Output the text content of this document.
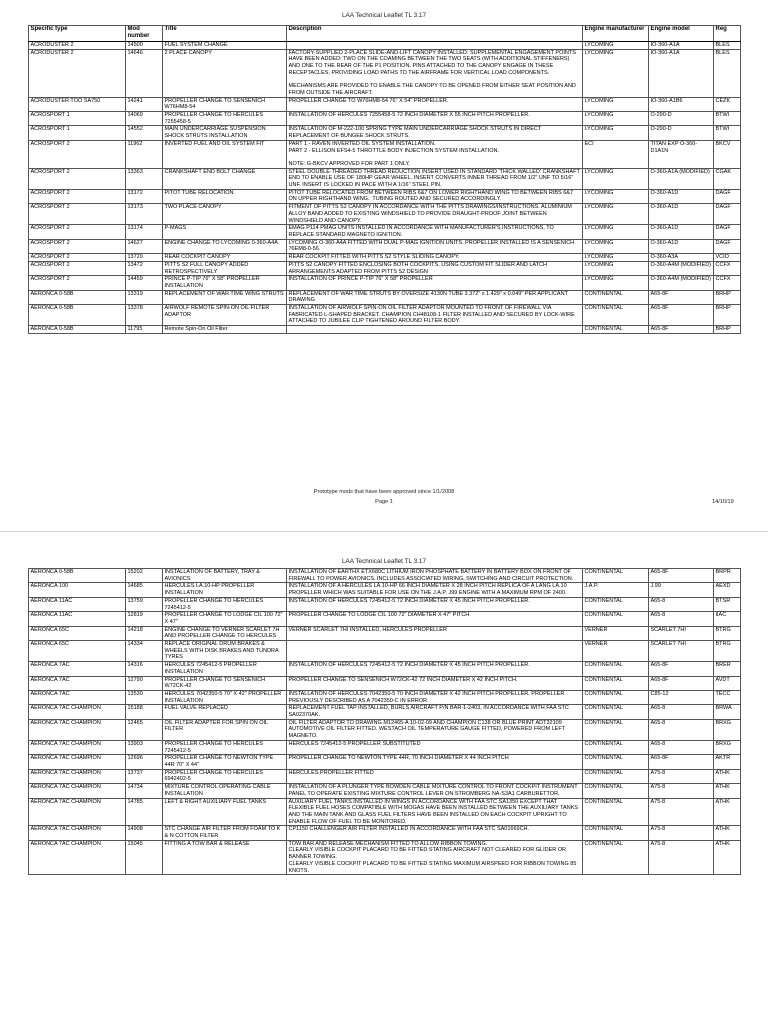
LAA Technical Leaflet TL 3.17
Specific type	Mod number	Title	Description	Engine manufacturer	Engine model	Reg
ACRODUSTER 2	14500	FUEL SYSTEM CHANGE		LYCOMING	IO-360-A1A	BLES
ACRODUSTER 2	14646	2 PLACE CANOPY	FACTORY-SUPPLIED 2-PLACE SLIDE-AND-LIFT CANOPY INSTALLED: SUPPLEMENTAL ENGAGEMENT POINTS HAVE BEEN ADDED: TWO ON THE COAMING BETWEEN THE TWO SEATS (WITH ADDITIONAL STIFFENERS) AND ONE TO THE REAR OF THE P1 POSITION. PINS ATTACHED TO THE CANOPY ENGAGE IN THESE RECEPTACLES, PROVIDING LOAD PATHS TO THE AIRFRAME FOR VERTICAL LOAD COMPONENTS.

MECHANISMS ARE PROVIDED TO ENABLE THE CANOPY TO BE OPENED FROM EITHER SEAT POSITION AND FROM OUTSIDE THE AIRCRAFT.	LYCOMING	IO-360-A1A	BLES
ACRODUSTER TOO SA750	14241	PROPELLER CHANGE TO SENSENICH W76HM8-54	PROPELLER CHANGE TO W76HM8-54 76" X 54" PROPELLER.	LYCOMING	IO-360-A1B6	CEZK
ACROSPORT 1	14069	PROPELLER CHANGE TO HERCULES 7255458-5	INSTALLATION OF HERCULES 7255458-5 72 INCH DIAMETER X 55 INCH PITCH PROPELLER.	LYCOMING	O-290-D	BTWI
ACROSPORT 1	14552	MAIN UNDERCARRIAGE SUSPENSION SHOCK STRUTS INSTALLATION	INSTALLATION OF M-222-100 SPRING TYPE MAIN UNDERCARRIAGE SHOCK STRUTS IN DIRECT REPLACEMENT OF BUNGEE SHOCK STRUTS.	LYCOMING	O-290-D	BTWI
ACROSPORT 2	11962	INVERTED FUEL AND OIL SYSTEM FIT	PART 1 - RAVEN INVERTED OIL SYSTEM INSTALLATION.
PART 2 - ELLISON EFS4-5 THROTTLE BODY INJECTION SYSTEM INSTALLATION.

NOTE: G-BKCV APPROVED FOR PART 1 ONLY.	ECI	TITAN EXP O-360-D1A1N	BKCV
ACROSPORT 2	13363	CRANKSHAFT END BOLT CHANGE	STEEL DOUBLE-THREADED THREAD REDUCTION INSERT USED IN STANDARD 'THICK WALLED' CRANKSHAFT END TO ENABLE USE OF 180HP GEAR WHEEL. INSERT CONVERTS INNER THREAD FROM 1/2" UNF TO 5/16" UNF. INSERT IS LOCKED IN PACE WITH A 1/16" STEEL PIN.	LYCOMING	O-360-A1A (MODIFIED)	CGAK
ACROSPORT 2	13172	PITOT TUBE RELOCATION	PITOT TUBE RELOCATED FROM BETWEEN RIBS 6&7 ON LOWER RIGHTHAND WING TO BETWEEN RIBS 6&7 ON UPPER RIGHTHAND WING.  TUBING ROUTED AND SECURED ACCORDINGLY.	LYCOMING	O-360-A1D	DAGF
ACROSPORT 2	13173	TWO PLACE CANOPY	FITMENT OF PITTS S2 CANOPY IN ACCORDANCE WITH THE PITTS DRAWINGS/INSTRUCTIONS. ALUMINIUM ALLOY BAND ADDED TO EXISTING WINDSHIELD TO PROVIDE DRAUGHT-PROOF JOINT BETWEEN WINDSHIELD AND CANOPY.	LYCOMING	O-360-A1D	DAGF
ACROSPORT 2	13174	P-MAGS	EMAG P114 PMAG UNITS INSTALLED IN ACCORDANCE WITH MANUFACTURER'S INSTRUCTIONS, TO REPLACE STANDARD MAGNETO IGNITION.	LYCOMING	O-360-A1D	DAGF
ACROSPORT 2	14627	ENGINE CHANGE TO LYCOMING 0-360-A4A	LYCOMING O-360-A4A FITTED WITH DUAL P-MAG IGNITION UNITS. PROPELLER INSTALLED IS A SENSENICH 76EM8-0-56.	LYCOMING	O-360-A1D	DAGF
ACROSPORT 2	13720	REAR COCKPIT CANOPY	REAR COCKPIT FITTED WITH PITTS S2 STYLE SLIDING CANOPY.	LYCOMING	O-360-A3A	VCIO
ACROSPORT 2	13472	PITTS S2 FULL CANOPY ADDED RETROSPECTIVELY	PITTS S2 CANOPY FITTED ENCLOSING BOTH COCKPITS, USING CUSTOM FIT SLIDER AND LATCH ARRANGEMENTS ADAPTED FROM PITTS S2 DESIGN	LYCOMING	O-360-A4M (MODIFIED)	CCFX
ACROSPORT 2	14459	PRINCE P-TIP 76" X 58" PROPELLER INSTALLATION	INSTALLATION OF PRINCE P-TIP 76" X 58" PROPELLER	LYCOMING	O-360-A4M (MODIFIED)	CCFX
AERONCA 0-58B	13319	REPLACEMENT OF WAR TIME WING STRUTS	REPLACEMENT OF WAR TIME STRUTS BY OVERSIZE 4130N TUBE 3.372" x 1.429" x 0.049" PER APPLICANT DRAWING	CONTINENTAL	A65-8F	BRHP
AERONCA 0-58B	13378	AIRWOLF REMOTE SPIN-ON OIL FILTER ADAPTOR	INSTALLATION OF AIRWOLF SPIN-ON OIL FILTER ADAPTOR MOUNTED TO FRONT OF FIREWALL VIA FABRICATED L-SHAPED BRACKET. CHAMPION CH48108-1 FILTER INSTALLED AND SECURED BY LOCK-WIRE ATTACHED TO JUBILEE CLIP TIGHTENED AROUND FILTER BODY.	CONTINENTAL	A65-8F	BRHP
AERONCA 0-58B	11795	Remote Spin-On Oil Filter		CONTINENTAL	A65-8F	BRHP
Prototype mods that have been approved since 1/1/2008
Page 1	14/10/19
LAA Technical Leaflet TL 3.17
AERONCA 0-58B	15202	INSTALLATION OF BATTERY, TRAY & AVIONICS	INSTALLATION OF EARTHX ETX680C LITHIUM IRON PHOSPHATE BATTERY IN BATTERY BOX ON FRONT OF FIREWALL TO POWER AVIONICS. INCLUDES ASSOCIATED WIRING, SWITCHING AND CIRCUIT PROTECTION.	CONTINENTAL	A65-8F	BRPR
AERONCA 100	14685	HERCULES LA.10-HP PROPELLER INSTALLATION	INSTALLATION OF A HERCULES LA.10-HP 66 INCH DIAMETER X 28 INCH PITCH REPLICA OF A LANG LA.10 PROPELLER WHICH WAS SUITABLE FOR USE ON THE J.A.P. J99 ENGINE WITH A MAXIMUM RPM OF 2400.	J.A.P.	J.99	AEXD
AERONCA 11AC	13759	PROPELLER CHANGE TO HERCULES 7245412-5	INSTALLATION OF HERCULES 7245412-5 72 INCH DIAMETER X 45 INCH PITCH PROPELLER.	CONTINENTAL	A65-8	BTSR
AERONCA 11AC	12819	PROPELLER CHANGE TO LODGE CIL 100 72" X 47"	PROPELLER CHANGE TO LODGE CIL 100 72" DIAMETER X 47" PITCH.	CONTINENTAL	A65-8	IIAC
AERONCA 65C	14218	ENGINE CHANGE TO VERNER SCARLET 7H AND PROPELLER CHANGE TO HERCULES	VERNER SCARLET 7HI INSTALLED, HERCULES PROPELLER	VERNER	SCARLET 7HI	BTRG
AERONCA 65C	14334	REPLACE ORIGINAL DRUM BRAKES & WHEELS WITH DISK BRAKES AND TUNDRA TYRES		VERNER	SCARLET 7HI	BTRG
AERONCA 7AC	14316	HERCULES 7245412-5 PROPELLER INSTALLATION	INSTALLATION OF HERCULES 7245412-5 72 INCH DIAMETER X 45 INCH PITCH PROPELLER.	CONTINENTAL	A65-8F	BRER
AERONCA 7AC	12790	PROPELLER CHANGE TO SENSENICH W72CK-42	PROPELLER CHANGE TO SENSENICH W72CK-42 72 INCH DIAMETER X 42 INCH PITCH.	CONTINENTAL	A65-8F	AVDT
AERONCA 7AC	13530	HERCULES 7042350-5 70" X 42" PROPELLER INSTALLATION	INSTALLATION OF HERCULES 7042350-5 70 INCH DIAMETER X 42 INCH PITCH PROPELLER. PROPELLER PREVIOUSLY DESCRIBED AS A 7042350-C IN ERROR.	CONTINENTAL	C85-12	TECC
AERONCA 7AC CHAMPION	15188	FUEL VALVE REPLACED	REPLACEMENT FUEL TAP INSTALLED, BURLS AIRCRAFT P/N BAR-1-2403, IN ACCORDANCE WITH FAA STC SA02370AK.	CONTINENTAL	A65-8	BRWA
AERONCA 7AC CHAMPION	12465	OIL FILTER ADAPTER FOR SPIN ON OIL FILTER	OIL FILTER ADAPTOR TO DRAWING M12465-A 10-02-09 AND CHAMPION C138 OR BLUE PRINT ADT32109 AUTOMOTIVE OIL FILTER FITTED. WESTACH OIL TEMPERATURE GAUGE FITTED, POWERED FROM LEFT MAGNETO.	CONTINENTAL	A65-8	BRXG
AERONCA 7AC CHAMPION	13903	PROPELLER CHANGE TO HERCULES 7245412-5	HERCULES 7245412-5 PROPELLER SUBSTITUTED	CONTINENTAL	A65-8	BRXG
AERONCA 7AC CHAMPION	12696	PROPELLER CHANGE TO NEWTON TYPE 44R 70" X 44"	PROPELLER CHANGE TO NEWTON TYPE 44R, 70 INCH DIAMETER X 44 INCH PITCH	CONTINENTAL	A65-8F	AKTR
AERONCA 7AC CHAMPION	13737	PROPELLER CHANGE TO HERCULES 6942402-5	HERCULES PROPELLER FITTED	CONTINENTAL	A75-8	ATHK
AERONCA 7AC CHAMPION	14734	MIXTURE CONTROL OPERATING CABLE INSTALLATION	INSTALLATION OF A PLUNGER TYPE BOWDEN CABLE MIXTURE CONTROL TO FRONT COCKPIT INSTRUMENT PANEL TO OPERATE EXISTING MIXTURE CONTROL LEVER ON STROMBERG NA-S3A1 CARBURETTOR.	CONTINENTAL	A75-8	ATHK
AERONCA 7AC CHAMPION	14785	LEFT & RIGHT AUXILIARY FUEL TANKS	AUXILIARY FUEL TANKS INSTALLED IN WINGS IN ACCORDANCE WITH FAA STC SA1350 EXCEPT THAT FLEXIBLE FUEL HOSES COMPATIBLE WITH MOGAS HAVE BEEN INSTALLED BETWEEN THE AUXILIARY TANKS AND THE MAIN TANK AND GLASS FUEL FILTERS HAVE BEEN INSTALLED ON EACH COCKPIT UPRIGHT TO ENABLE FLOW OF FUEL TO BE MONITORED.	CONTINENTAL	A75-8	ATHK
AERONCA 7AC CHAMPION	14908	STC CHANGE AIR FILTER FROM FOAM TO K & N COTTON FILTER	CP1150 CHALLENGER AIR FILTER INSTALLED IN ACCORDANCE WITH FAA STC SA01669CH.	CONTINENTAL	A75-8	ATHK
AERONCA 7AC CHAMPION	15045	FITTING A TOW BAR & RELEASE	TOW BAR AND RELEASE MECHANISM FITTED TO ALLOW RIBBON TOWING.
CLEARLY VISIBLE COCKPIT PLACARD TO BE FITTED STATING AIRCRAFT NOT CLEARED FOR GLIDER OR BANNER TOWING.
CLEARLY VISIBLE COCKPIT PLACARD TO BE FITTED STATING MAXIMUM AIRSPEED FOR RIBBON TOWING 85 KNOTS.	CONTINENTAL	A75-8	ATHK
